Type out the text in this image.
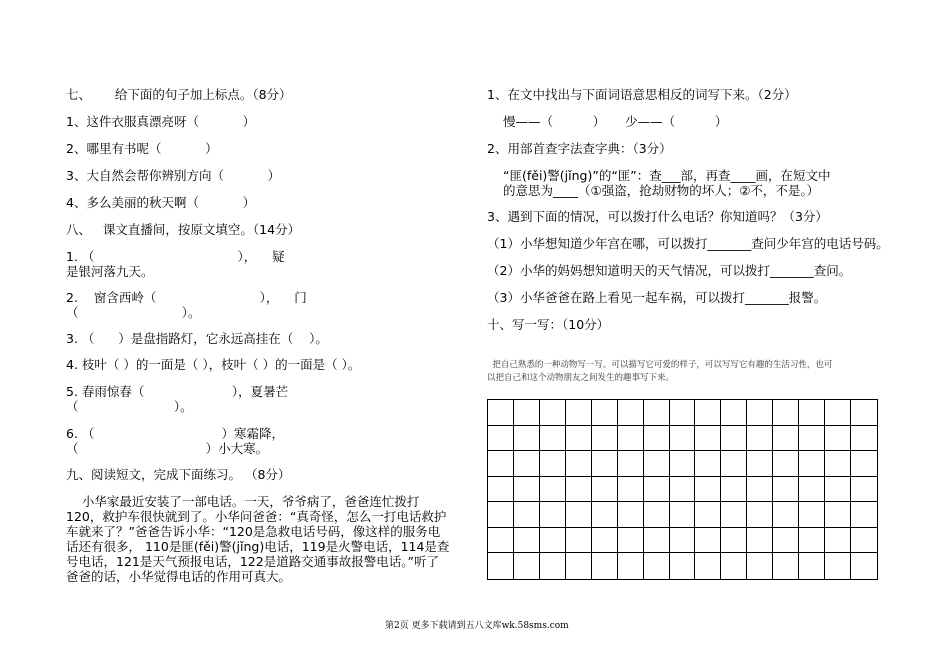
七、      给下面的句子加上标点。（8分）
1、这件衣服真漂亮呀（           ）
2、哪里有书呢（           ）
3、大自然会帮你辨别方向（           ）
4、多么美丽的秋天啊（           ）
八、   课文直播间，按原文填空。（14分）
1. （                                    ），    疑
是银河落九天。
2.    窗含西岭（                          ），    门
（                          ）。
3. （      ）是盘指路灯，它永远高挂在（    ）。
4. 枝叶（ ）的一面是（ ），枝叶（ ）的一面是（ ）。
5. 春雨惊春（                      ），夏暑芒
（                        ）。
6. （                                ）寒霜降，
（                                ）小大寒。
九、阅读短文，完成下面练习。 （8分）
小华家最近安装了一部电话。一天，爷爷病了，爸爸连忙拨打
120，救护车很快就到了。小华问爸爸：“真奇怪，怎么一打电话救护
车就来了？”爸爸告诉小华：“120是急救电话号码，像这样的服务电
话还有很多， 110是匪(fěi)警(jǐng)电话，119是火警电话，114是查
号电话，121是天气预报电话，122是道路交通事故报警电话。”听了
爸爸的话，小华觉得电话的作用可真大。
1、在文中找出与下面词语意思相反的词写下来。（2分）
慢——（          ）     少——（          ）
2、用部首查字法查字典：（3分）
“匪(fěi)警(jǐng)”的“匪”：查___部，再查____画，在短文中
的意思为____（①强盗，抢劫财物的坏人；②不，不是。）
3、遇到下面的情况，可以拨打什么电话？你知道吗？（3分）
（1）小华想知道少年宫在哪，可以拨打_______查问少年宫的电话号码。
（2）小华的妈妈想知道明天的天气情况，可以拨打_______查问。
（3）小华爸爸在路上看见一起车祸，可以拨打_______报警。
十、写一写：（10分）
把自己熟悉的一种动物写一写。可以描写它可爱的样子，可以写写它有趣的生活习性，也可
以把自己和这个动物朋友之间发生的趣事写下来。
第2页 更多下载请到五八文库wk.58sms.com
